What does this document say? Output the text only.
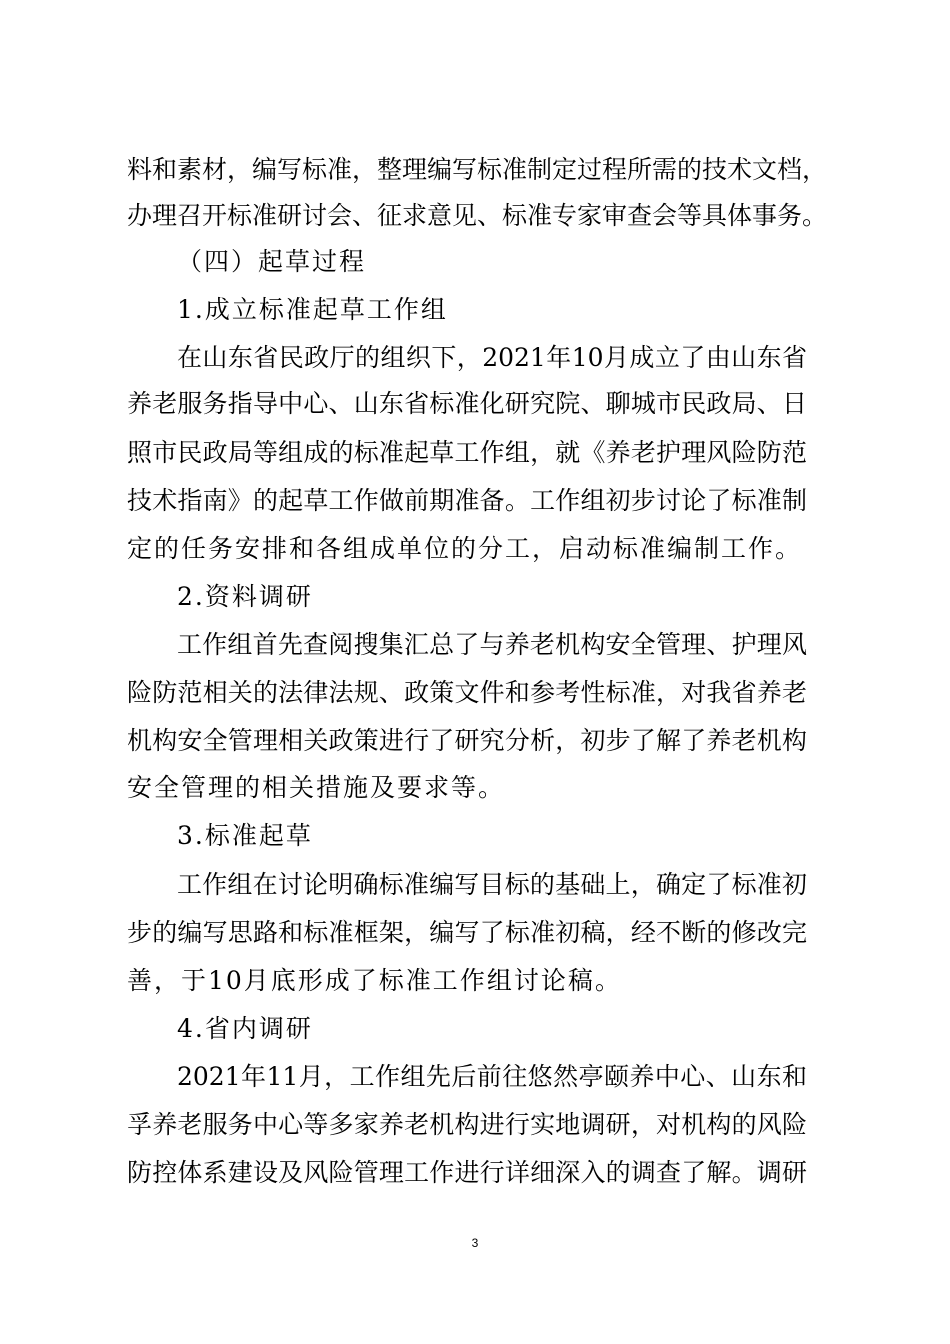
料和素材，编写标准，整理编写标准制定过程所需的技术文档，
办理召开标准研讨会、征求意见、标准专家审查会等具体事务。
（四）起草过程
1.成立标准起草工作组
在山东省民政厅的组织下，2021年10月成立了由山东省
养老服务指导中心、山东省标准化研究院、聊城市民政局、日
照市民政局等组成的标准起草工作组，就《养老护理风险防范
技术指南》的起草工作做前期准备。工作组初步讨论了标准制
定的任务安排和各组成单位的分工，启动标准编制工作。
2.资料调研
工作组首先查阅搜集汇总了与养老机构安全管理、护理风
险防范相关的法律法规、政策文件和参考性标准，对我省养老
机构安全管理相关政策进行了研究分析，初步了解了养老机构
安全管理的相关措施及要求等。
3.标准起草
工作组在讨论明确标准编写目标的基础上，确定了标准初
步的编写思路和标准框架，编写了标准初稿，经不断的修改完
善，于10月底形成了标准工作组讨论稿。
4.省内调研
2021年11月，工作组先后前往悠然亭颐养中心、山东和
孚养老服务中心等多家养老机构进行实地调研，对机构的风险
防控体系建设及风险管理工作进行详细深入的调查了解。调研
3
